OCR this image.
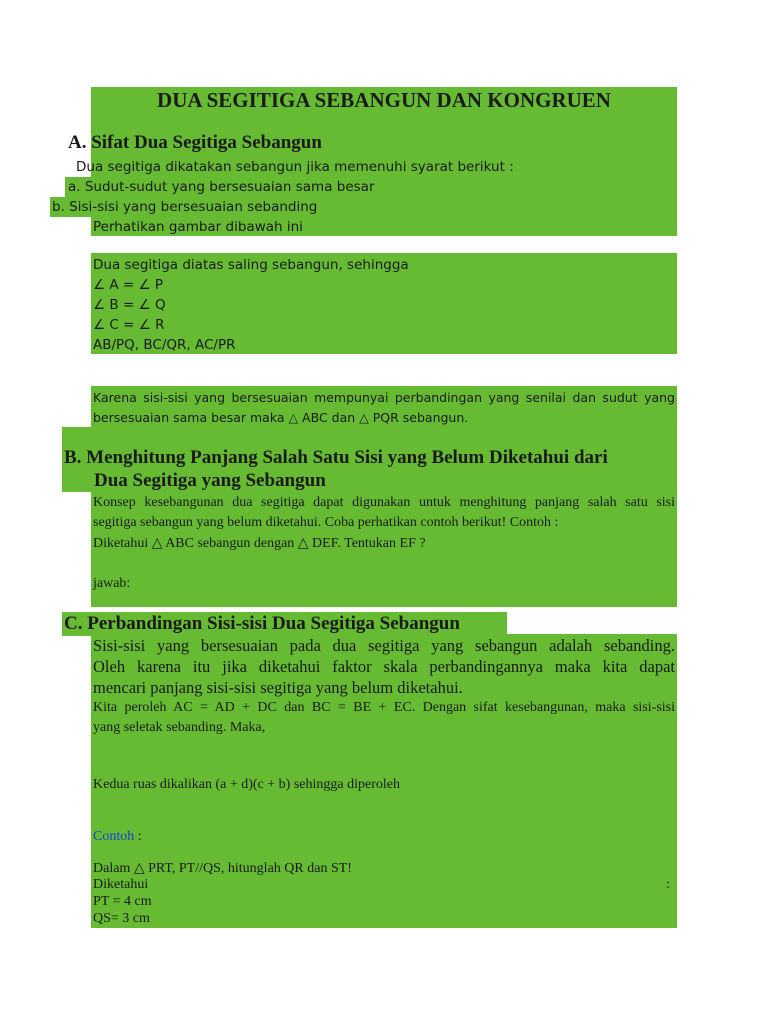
DUA SEGITIGA SEBANGUN DAN KONGRUEN
A. Sifat Dua Segitiga Sebangun
Dua segitiga dikatakan sebangun jika memenuhi syarat berikut :
a. Sudut-sudut yang bersesuaian sama besar
b. Sisi-sisi yang bersesuaian sebanding
Perhatikan gambar dibawah ini
Dua segitiga diatas saling sebangun, sehingga
∠ A = ∠ P
∠ B = ∠ Q
∠ C = ∠ R
AB/PQ, BC/QR, AC/PR
Karena sisi-sisi yang bersesuaian mempunyai perbandingan yang senilai dan sudut yang
bersesuaian sama besar maka △ ABC dan △ PQR sebangun.
B. Menghitung Panjang Salah Satu Sisi yang Belum Diketahui dari
Dua Segitiga yang Sebangun
Konsep kesebangunan dua segitiga dapat digunakan untuk menghitung panjang salah satu sisi
segitiga sebangun yang belum diketahui. Coba perhatikan contoh berikut! Contoh :
Diketahui △ ABC sebangun dengan △ DEF. Tentukan EF ?
jawab:
C. Perbandingan Sisi-sisi Dua Segitiga Sebangun
Sisi-sisi yang bersesuaian pada dua segitiga yang sebangun adalah sebanding.
Oleh karena itu jika diketahui faktor skala perbandingannya maka kita dapat
mencari panjang sisi-sisi segitiga yang belum diketahui.
Kita peroleh AC = AD + DC dan BC = BE + EC. Dengan sifat kesebangunan, maka sisi-sisi
yang seletak sebanding. Maka,
Kedua ruas dikalikan (a + d)(c + b) sehingga diperoleh
Contoh :
Dalam △ PRT, PT//QS, hitunglah QR dan ST!
Diketahui	:
PT = 4 cm
QS= 3 cm
